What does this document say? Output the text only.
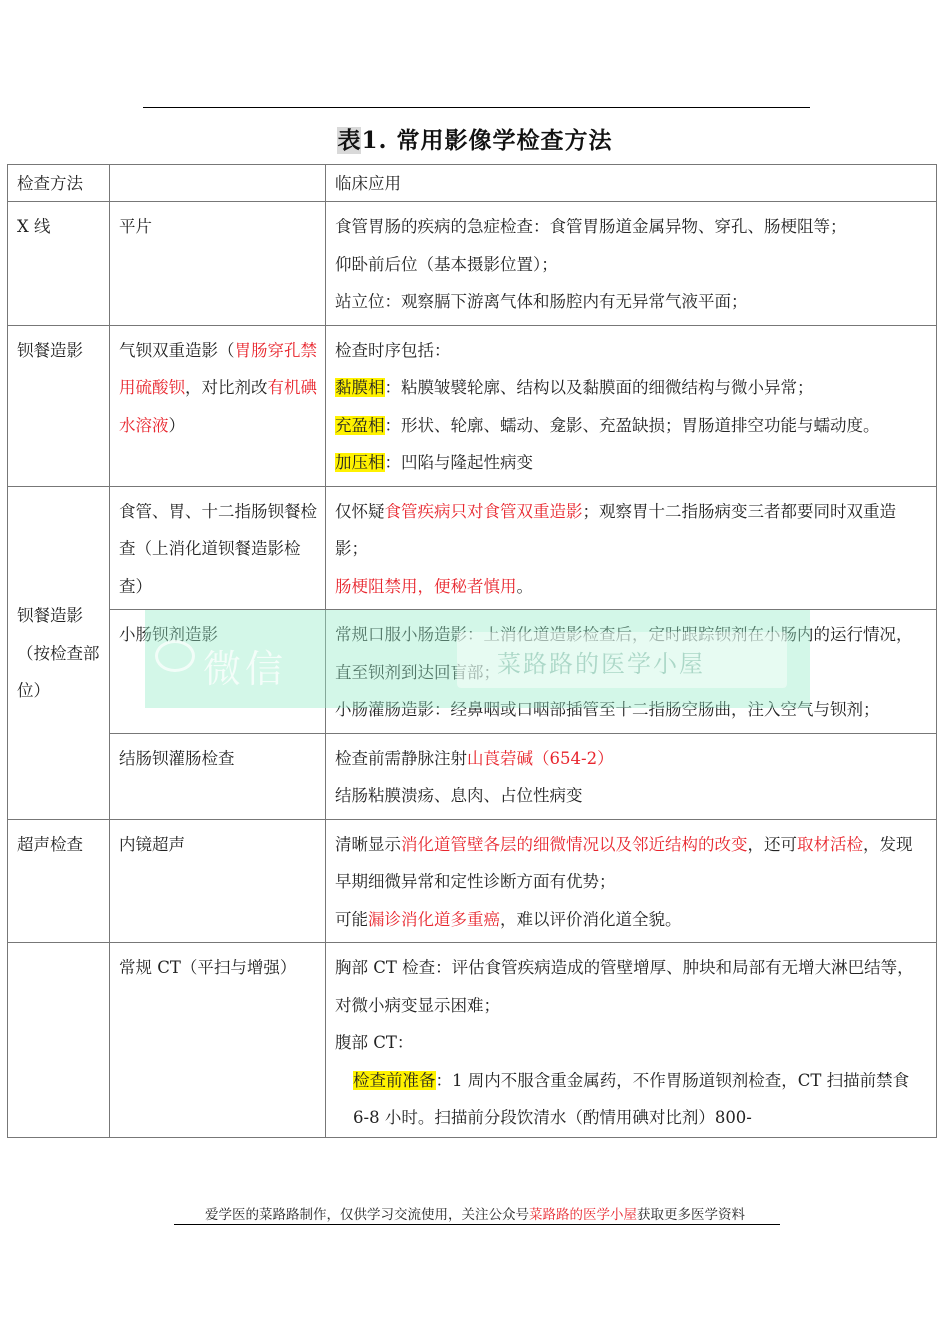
表1. 常用影像学检查方法
检查方法		临床应用
X 线	平片	食管胃肠的疾病的急症检查：食管胃肠道金属异物、穿孔、肠梗阻等；
仰卧前后位（基本摄影位置）；
站立位：观察膈下游离气体和肠腔内有无异常气液平面；

钡餐造影	气钡双重造影（胃肠穿孔禁用硫酸钡，对比剂改有机碘水溶液）	检查时序包括：
黏膜相：粘膜皱襞轮廓、结构以及黏膜面的细微结构与微小异常；
充盈相：形状、轮廓、蠕动、龛影、充盈缺损；胃肠道排空功能与蠕动度。
加压相：凹陷与隆起性病变

钡餐造影（按检查部位）	食管、胃、十二指肠钡餐检查（上消化道钡餐造影检查）	仅怀疑食管疾病只对食管双重造影；观察胃十二指肠病变三者都要同时双重造影；
肠梗阻禁用，便秘者慎用。

	小肠钡剂造影	常规口服小肠造影：上消化道造影检查后，定时跟踪钡剂在小肠内的运行情况，直至钡剂到达回盲部；
小肠灌肠造影：经鼻咽或口咽部插管至十二指肠空肠曲，注入空气与钡剂；

	结肠钡灌肠检查	检查前需静脉注射山莨菪碱（654-2）
结肠粘膜溃疡、息肉、占位性病变

超声检查	内镜超声	清晰显示消化道管壁各层的细微情况以及邻近结构的改变，还可取材活检，发现早期细微异常和定性诊断方面有优势；
可能漏诊消化道多重癌，难以评价消化道全貌。

	常规 CT（平扫与增强）	胸部 CT 检查：评估食管疾病造成的管壁增厚、肿块和局部有无增大淋巴结等，对微小病变显示困难；
腹部 CT：
检查前准备：1 周内不服含重金属药，不作胃肠道钡剂检查，CT 扫描前禁食 6-8 小时。扫描前分段饮清水（酌情用碘对比剂）800-
微信	菜路路的医学小屋
爱学医的菜路路制作，仅供学习交流使用，关注公众号菜路路的医学小屋获取更多医学资料
